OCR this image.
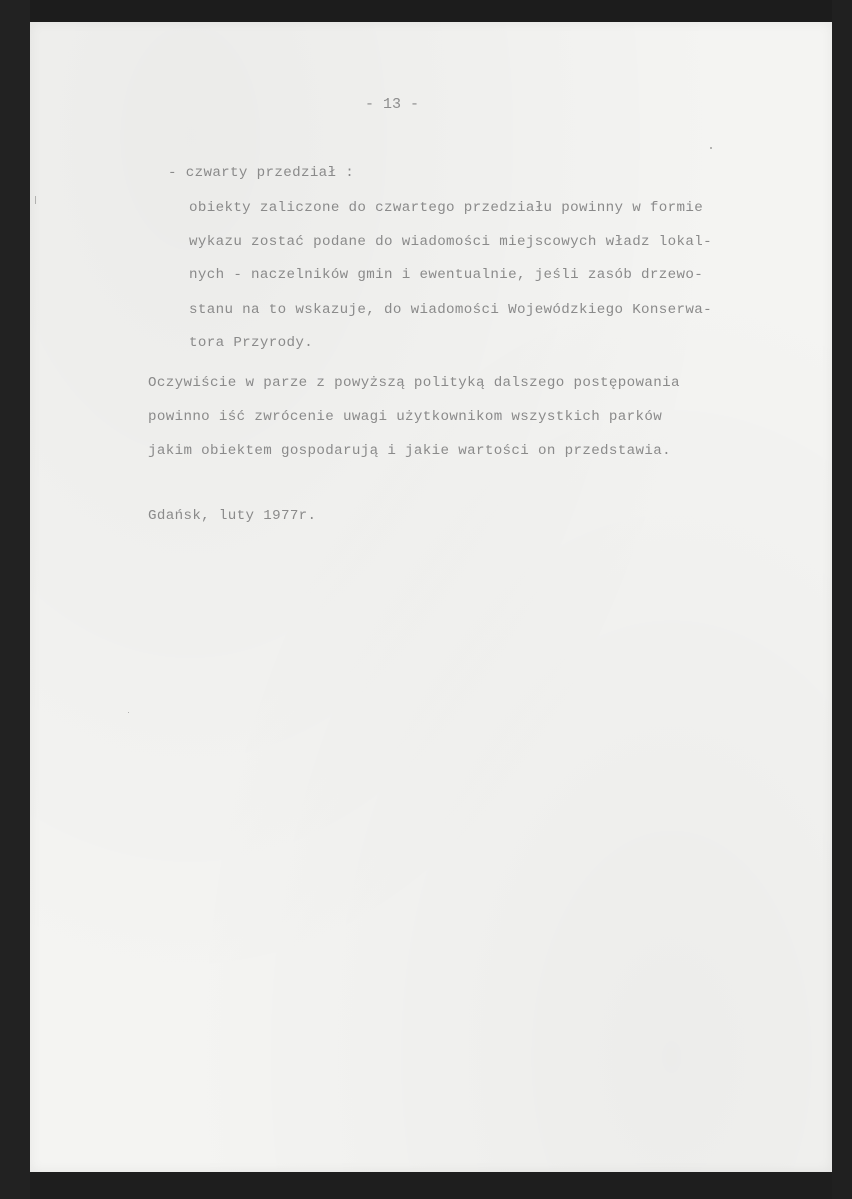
- 13 -
- czwarty przedział :
obiekty zaliczone do czwartego przedziału powinny w formie
wykazu zostać podane do wiadomości miejscowych władz lokal-
nych - naczelników gmin i ewentualnie, jeśli zasób drzewo-
stanu na to wskazuje, do wiadomości Wojewódzkiego Konserwa-
tora Przyrody.
Oczywiście w parze z powyższą polityką dalszego postępowania
powinno iść zwrócenie uwagi użytkownikom wszystkich parków
jakim obiektem gospodarują i jakie wartości on przedstawia.
Gdańsk, luty 1977r.
